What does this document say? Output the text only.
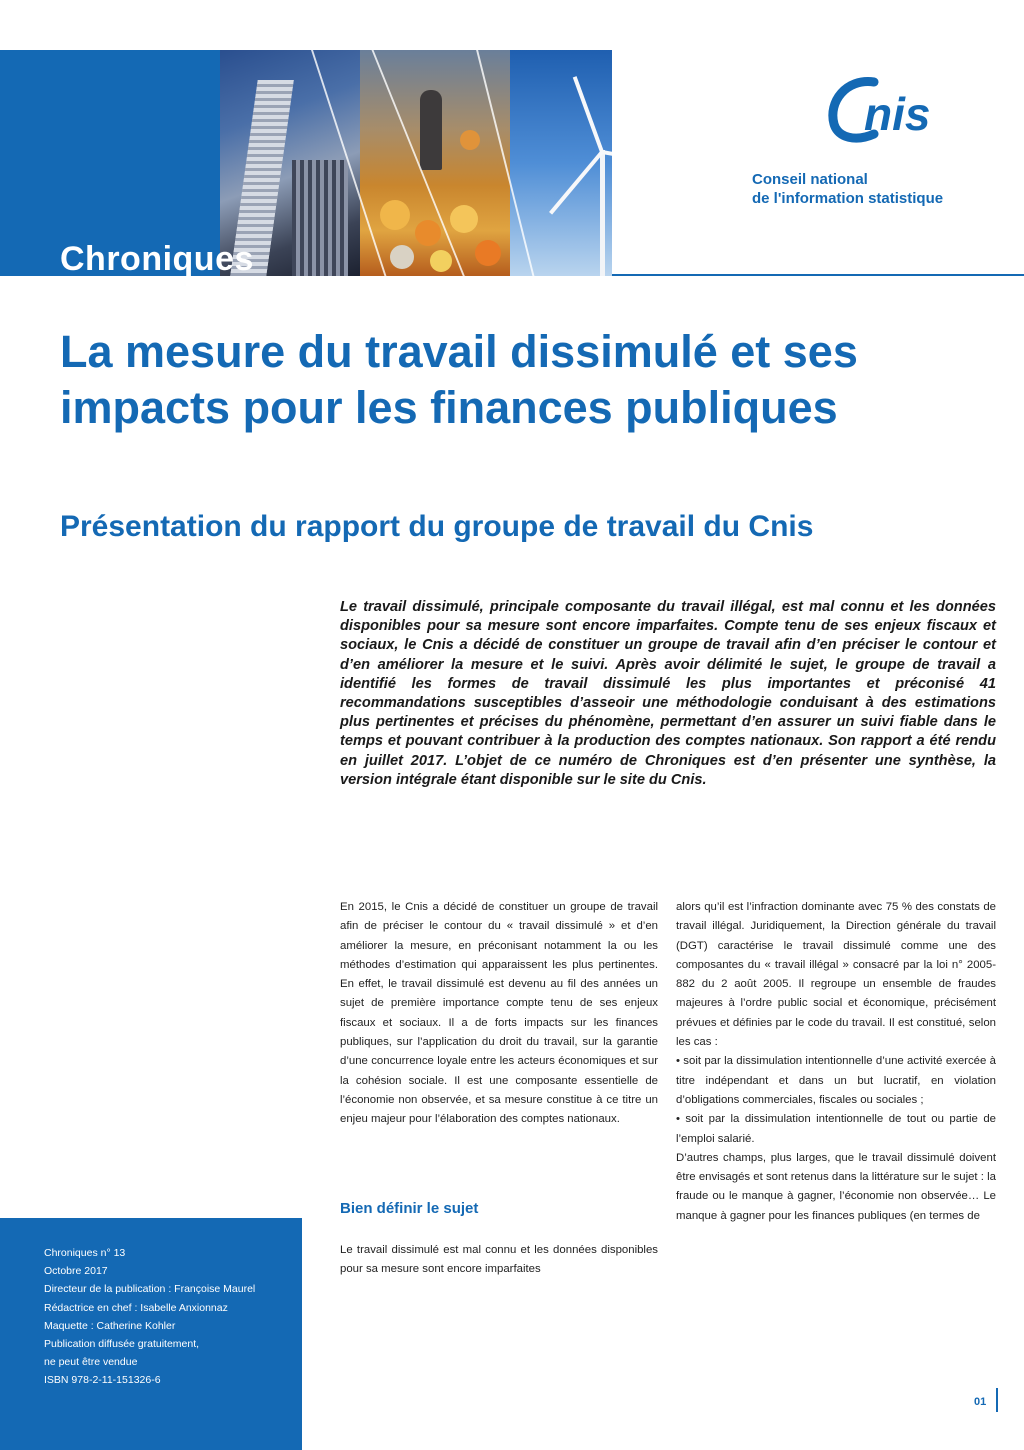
Chroniques
nis
Conseil national
de l'information statistique
La mesure du travail dissimulé et ses impacts pour les finances publiques
Présentation du rapport du groupe de travail du Cnis

Le travail dissimulé, principale composante du travail illégal, est mal connu et les données disponibles pour sa mesure sont encore imparfaites. Compte tenu de ses enjeux fiscaux et sociaux, le Cnis a décidé de constituer un groupe de travail afin d’en préciser le contour et d’en améliorer la mesure et le suivi. Après avoir délimité le sujet, le groupe de travail a identifié les formes de travail dissimulé les plus importantes et préconisé 41 recommandations susceptibles d’asseoir une méthodologie conduisant à des estimations plus pertinentes et précises du phénomène, permettant d’en assurer un suivi fiable dans le temps et pouvant contribuer à la production des comptes nationaux. Son rapport a été rendu en juillet 2017. L’objet de ce numéro de Chroniques est d’en présenter une synthèse, la version intégrale étant disponible sur le site du Cnis.

En 2015, le Cnis a décidé de constituer un groupe de travail afin de préciser le contour du « travail dissimulé » et d’en améliorer la mesure, en préconisant notamment la ou les méthodes d’estimation qui apparaissent les plus pertinentes. En effet, le travail dissimulé est devenu au fil des années un sujet de première importance compte tenu de ses enjeux fiscaux et sociaux. Il a de forts impacts sur les finances publiques, sur l’application du droit du travail, sur la garantie d’une concurrence loyale entre les acteurs économiques et sur la cohésion sociale. Il est une composante essentielle de l’économie non observée, et sa mesure constitue à ce titre un enjeu majeur pour l’élaboration des comptes nationaux.

Bien définir le sujet

Le travail dissimulé est mal connu et les données disponibles pour sa mesure sont encore imparfaites

alors qu’il est l’infraction dominante avec 75 % des constats de travail illégal. Juridiquement, la Direction générale du travail (DGT) caractérise le travail dissimulé comme une des composantes du « travail illégal » consacré par la loi n° 2005-882 du 2 août 2005. Il regroupe un ensemble de fraudes majeures à l’ordre public social et économique, précisément prévues et définies par le code du travail. Il est constitué, selon les cas :

• soit par la dissimulation intentionnelle d’une activité exercée à titre indépendant et dans un but lucratif, en violation d’obligations commerciales, fiscales ou sociales ;

• soit par la dissimulation intentionnelle de tout ou partie de l’emploi salarié.

D’autres champs, plus larges, que le travail dissimulé doivent être envisagés et sont retenus dans la littérature sur le sujet : la fraude ou le manque à gagner, l’économie non observée… Le manque à gagner pour les finances publiques (en termes de

Chroniques n° 13
Octobre 2017
Directeur de la publication : Françoise Maurel
Rédactrice en chef : Isabelle Anxionnaz
Maquette : Catherine Kohler
Publication diffusée gratuitement,
ne peut être vendue
ISBN 978-2-11-151326-6
01
